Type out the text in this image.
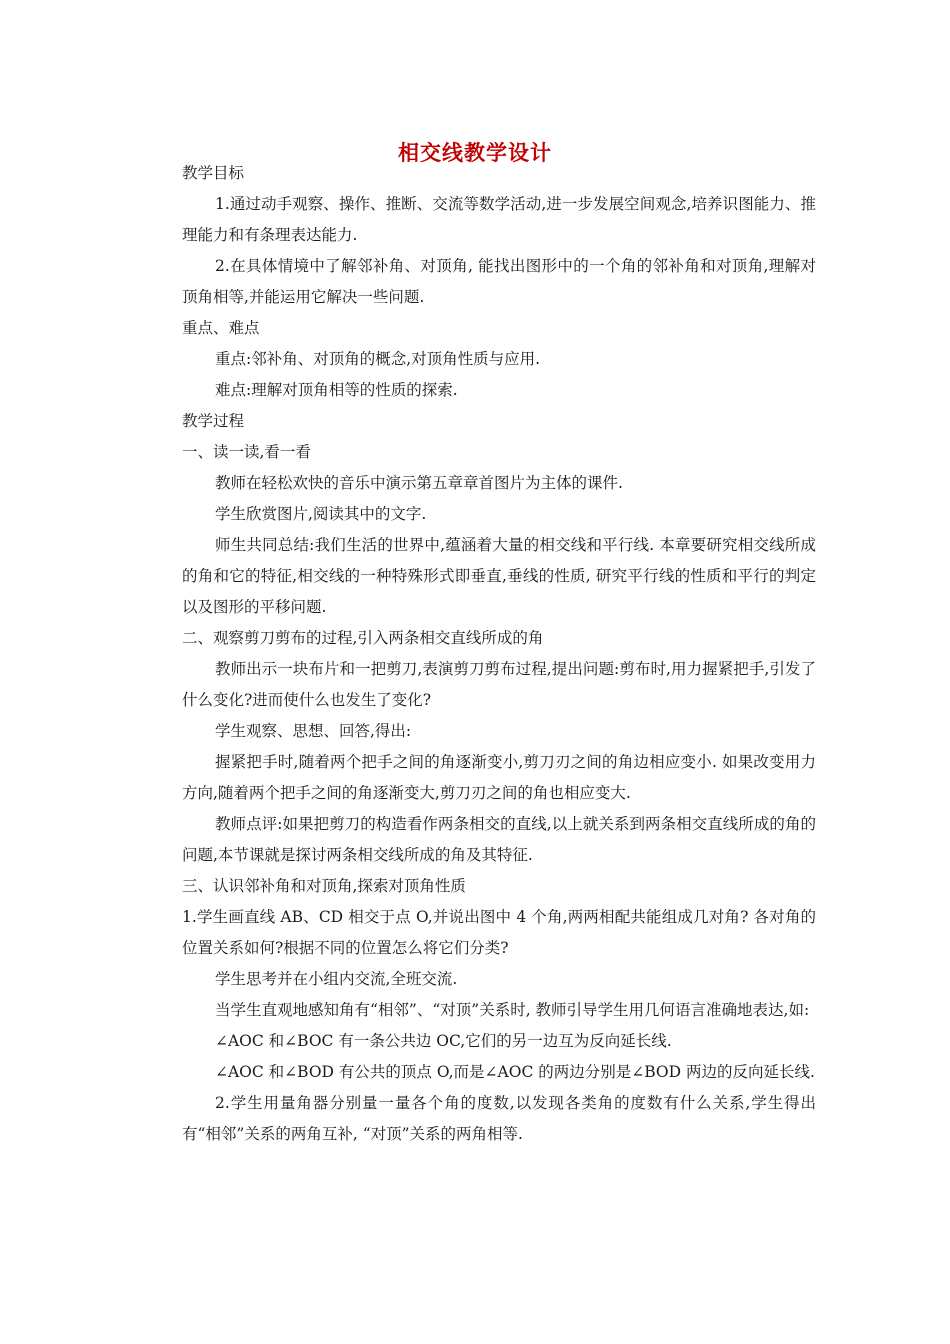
相交线教学设计

教学目标

1.通过动手观察、操作、推断、交流等数学活动,进一步发展空间观念,培养识图能力、推理能力和有条理表达能力.

2.在具体情境中了解邻补角、对顶角, 能找出图形中的一个角的邻补角和对顶角,理解对顶角相等,并能运用它解决一些问题.

重点、难点

重点:邻补角、对顶角的概念,对顶角性质与应用.

难点:理解对顶角相等的性质的探索.

教学过程

一、读一读,看一看

教师在轻松欢快的音乐中演示第五章章首图片为主体的课件.

学生欣赏图片,阅读其中的文字.

师生共同总结:我们生活的世界中,蕴涵着大量的相交线和平行线. 本章要研究相交线所成的角和它的特征,相交线的一种特殊形式即垂直,垂线的性质, 研究平行线的性质和平行的判定以及图形的平移问题.

二、观察剪刀剪布的过程,引入两条相交直线所成的角

教师出示一块布片和一把剪刀,表演剪刀剪布过程,提出问题:剪布时,用力握紧把手,引发了什么变化?进而使什么也发生了变化?

学生观察、思想、回答,得出:

握紧把手时,随着两个把手之间的角逐渐变小,剪刀刃之间的角边相应变小. 如果改变用力方向,随着两个把手之间的角逐渐变大,剪刀刃之间的角也相应变大.

教师点评:如果把剪刀的构造看作两条相交的直线,以上就关系到两条相交直线所成的角的问题,本节课就是探讨两条相交线所成的角及其特征.

三、认识邻补角和对顶角,探索对顶角性质

1.学生画直线 AB、CD 相交于点 O,并说出图中 4 个角,两两相配共能组成几对角? 各对角的位置关系如何?根据不同的位置怎么将它们分类?

学生思考并在小组内交流,全班交流.

当学生直观地感知角有“相邻”、“对顶”关系时, 教师引导学生用几何语言准确地表达,如:

∠AOC 和∠BOC 有一条公共边 OC,它们的另一边互为反向延长线.

∠AOC 和∠BOD 有公共的顶点 O,而是∠AOC 的两边分别是∠BOD 两边的反向延长线.

2.学生用量角器分别量一量各个角的度数,以发现各类角的度数有什么关系,学生得出有“相邻”关系的两角互补, “对顶”关系的两角相等.
